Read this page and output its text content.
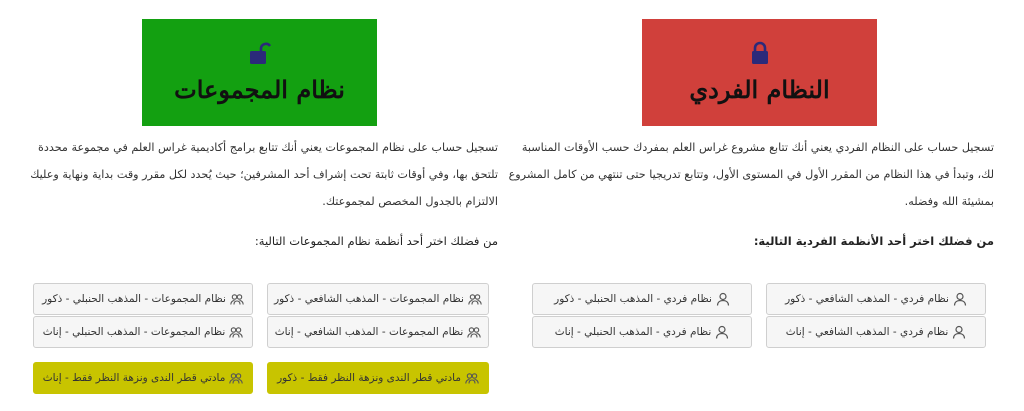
النظام الفردي
تسجيل حساب على النظام الفردي يعني أنك تتابع مشروع غراس العلم بمفردك حسب الأوقات المناسبة لك، وتبدأ في هذا النظام من المقرر الأول في المستوى الأول، وتتابع تدريجيا حتى تنتهي من كامل المشروع بمشيئة الله وفضله.
من فضلك اختر أحد الأنظمة الفردية التالية:
نظام فردي - المذهب الشافعي - ذكور
نظام فردي - المذهب الحنبلي - ذكور
نظام فردي - المذهب الشافعي - إناث
نظام فردي - المذهب الحنبلي - إناث
نظام المجموعات
تسجيل حساب على نظام المجموعات يعني أنك تتابع برامج أكاديمية غراس العلم في مجموعة محددة تلتحق بها، وفي أوقات ثابتة تحت إشراف أحد المشرفين؛ حيث يُحدد لكل مقرر وقت بداية ونهاية وعليك الالتزام بالجدول المخصص لمجموعتك.
من فضلك اختر أحد أنظمة نظام المجموعات التالية:
نظام المجموعات - المذهب الشافعي - ذكور
نظام المجموعات - المذهب الحنبلي - ذكور
نظام المجموعات - المذهب الشافعي - إناث
نظام المجموعات - المذهب الحنبلي - إناث
مادتي قطر الندى ونزهة النظر فقط - ذكور
مادتي قطر الندى ونزهة النظر فقط - إناث
